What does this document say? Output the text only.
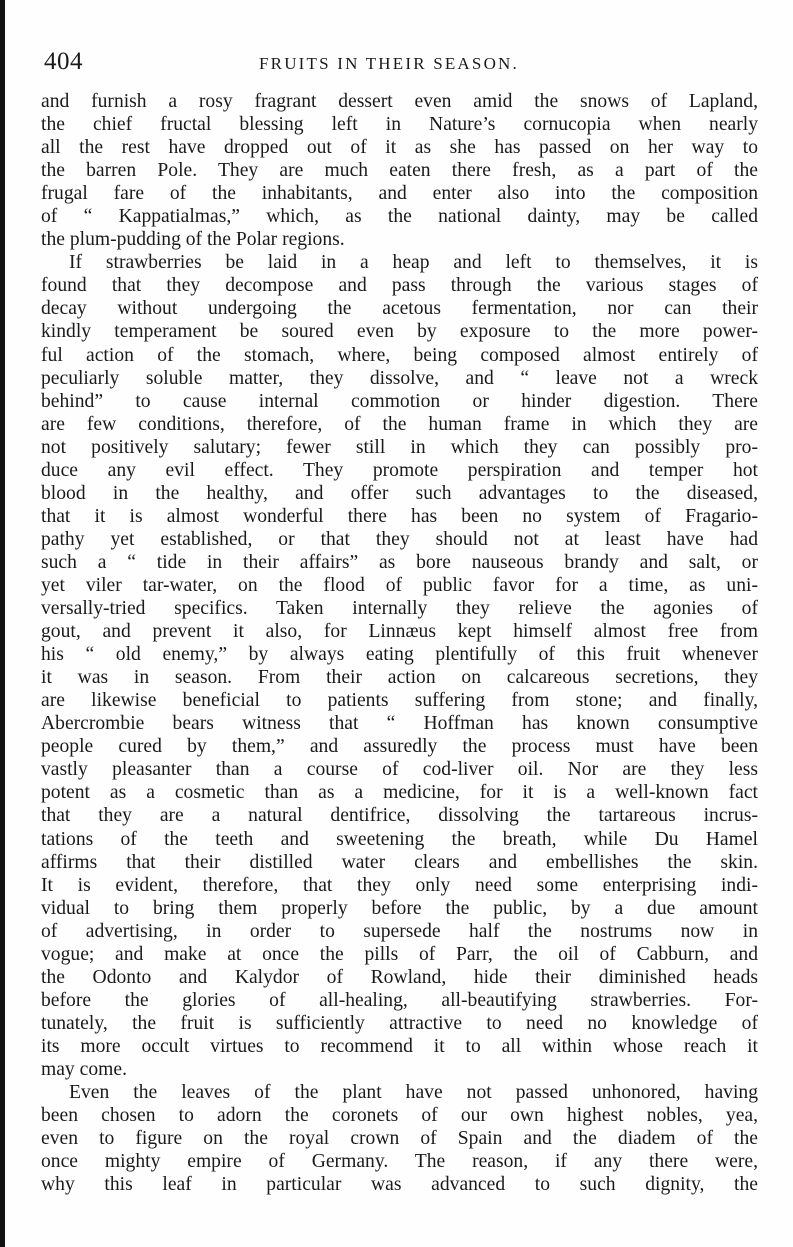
404	FRUITS IN THEIR SEASON.
and furnish a rosy fragrant dessert even amid the snows of Lapland,
the chief fructal blessing left in Nature’s cornucopia when nearly
all the rest have dropped out of it as she has passed on her way to
the barren Pole. They are much eaten there fresh, as a part of the
frugal fare of the inhabitants, and enter also into the composition
of “ Kappatialmas,” which, as the national dainty, may be called
the plum-pudding of the Polar regions.
If strawberries be laid in a heap and left to themselves, it is
found that they decompose and pass through the various stages of
decay without undergoing the acetous fermentation, nor can their
kindly temperament be soured even by exposure to the more power-
ful action of the stomach, where, being composed almost entirely of
peculiarly soluble matter, they dissolve, and “ leave not a wreck
behind” to cause internal commotion or hinder digestion. There
are few conditions, therefore, of the human frame in which they are
not positively salutary; fewer still in which they can possibly pro-
duce any evil effect. They promote perspiration and temper hot
blood in the healthy, and offer such advantages to the diseased,
that it is almost wonderful there has been no system of Fragario-
pathy yet established, or that they should not at least have had
such a “ tide in their affairs” as bore nauseous brandy and salt, or
yet viler tar-water, on the flood of public favor for a time, as uni-
versally-tried specifics. Taken internally they relieve the agonies of
gout, and prevent it also, for Linnæus kept himself almost free from
his “ old enemy,” by always eating plentifully of this fruit whenever
it was in season. From their action on calcareous secretions, they
are likewise beneficial to patients suffering from stone; and finally,
Abercrombie bears witness that “ Hoffman has known consumptive
people cured by them,” and assuredly the process must have been
vastly pleasanter than a course of cod-liver oil. Nor are they less
potent as a cosmetic than as a medicine, for it is a well-known fact
that they are a natural dentifrice, dissolving the tartareous incrus-
tations of the teeth and sweetening the breath, while Du Hamel
affirms that their distilled water clears and embellishes the skin.
It is evident, therefore, that they only need some enterprising indi-
vidual to bring them properly before the public, by a due amount
of advertising, in order to supersede half the nostrums now in
vogue; and make at once the pills of Parr, the oil of Cabburn, and
the Odonto and Kalydor of Rowland, hide their diminished heads
before the glories of all-healing, all-beautifying strawberries. For-
tunately, the fruit is sufficiently attractive to need no knowledge of
its more occult virtues to recommend it to all within whose reach it
may come.
Even the leaves of the plant have not passed unhonored, having
been chosen to adorn the coronets of our own highest nobles, yea,
even to figure on the royal crown of Spain and the diadem of the
once mighty empire of Germany. The reason, if any there were,
why this leaf in particular was advanced to such dignity, the
